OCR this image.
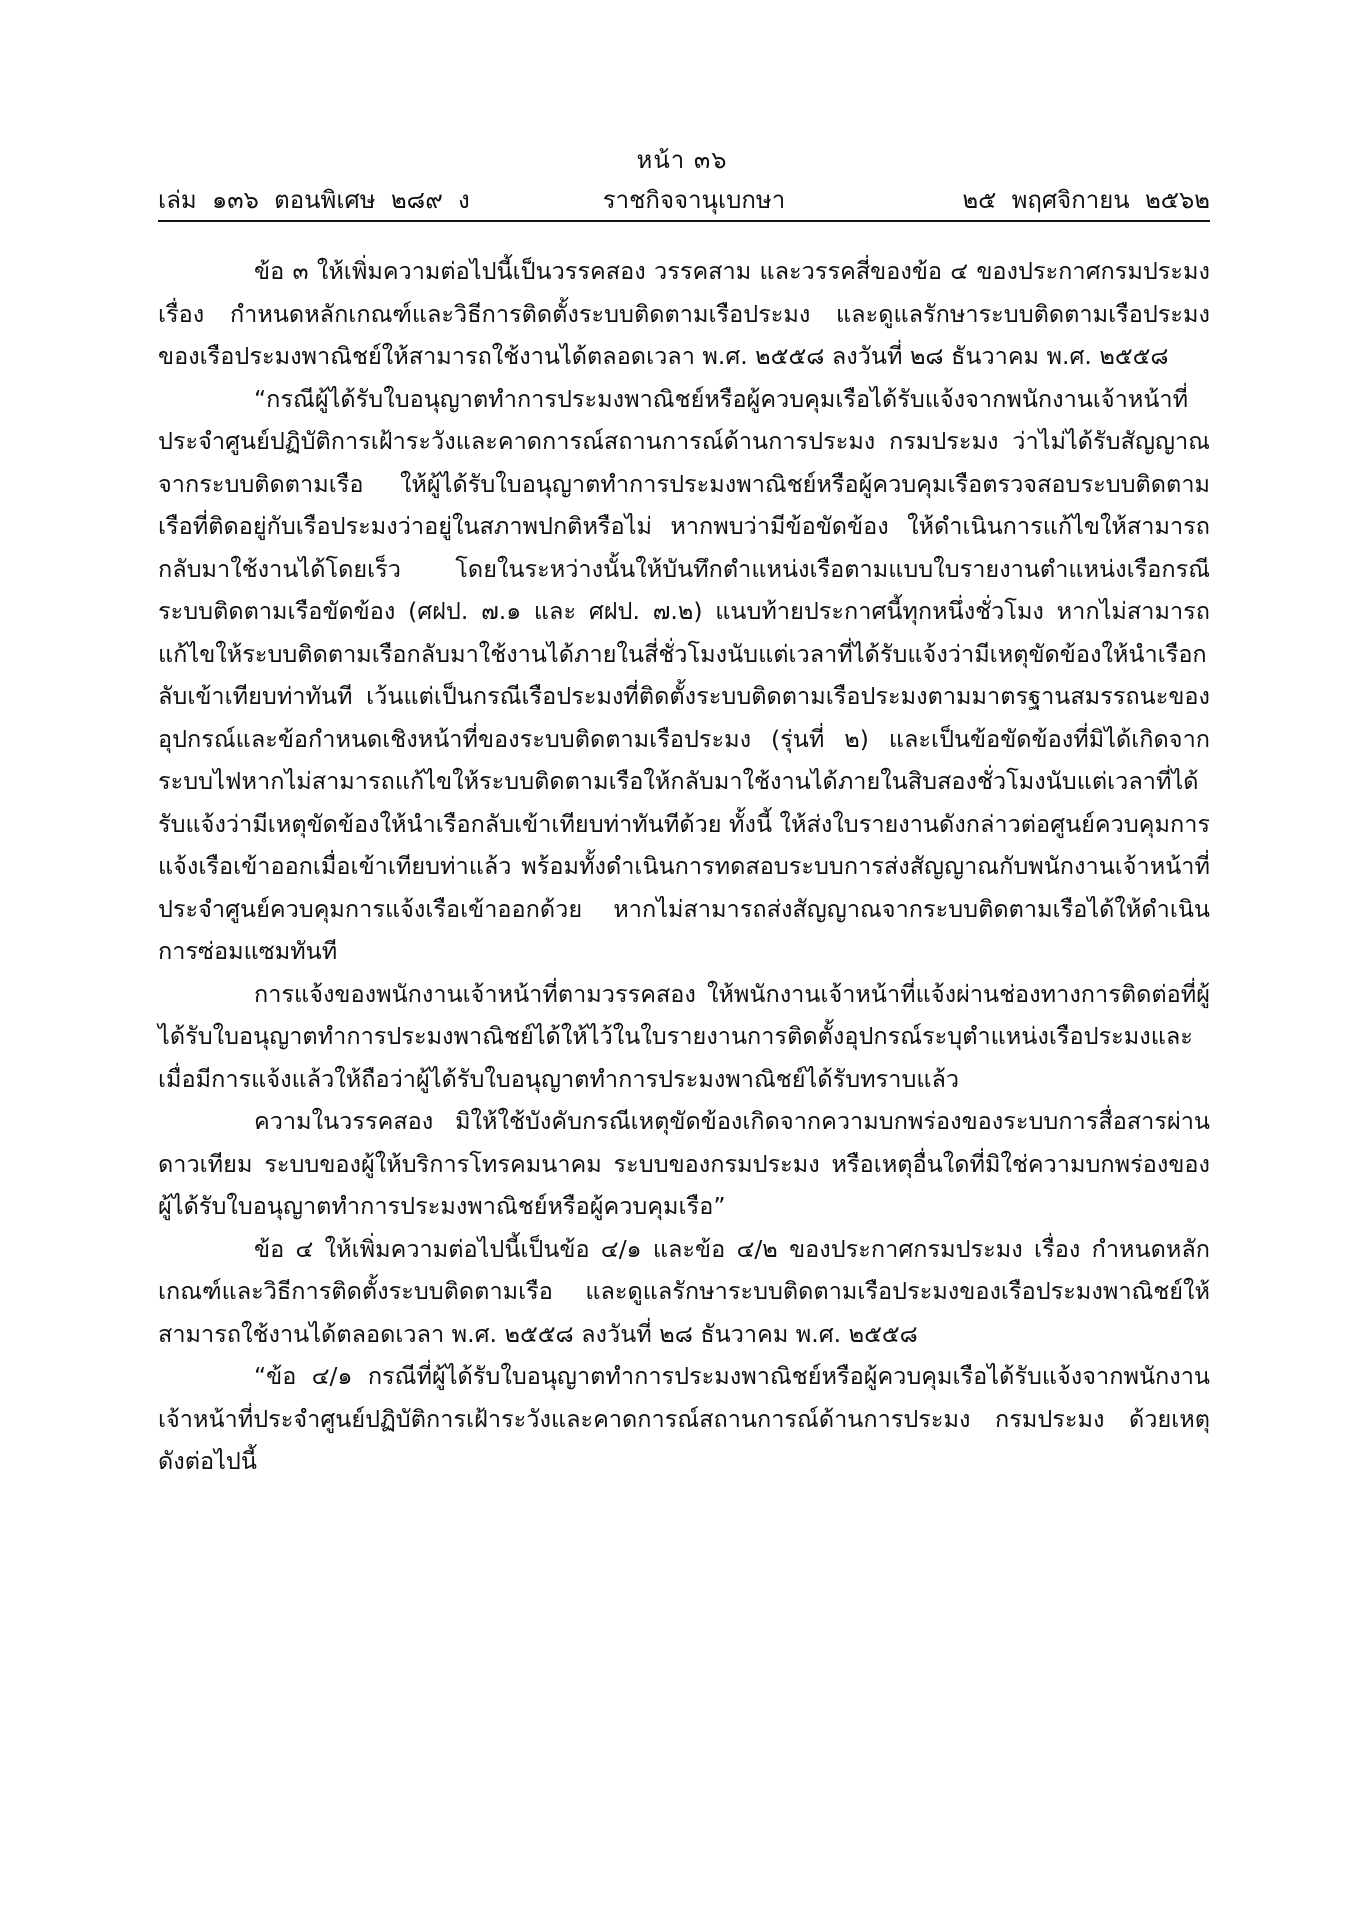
หน้า ๓๖
เล่ม  ๑๓๖  ตอนพิเศษ  ๒๘๙  ง	ราชกิจจานุเบกษา	๒๕  พฤศจิกายน  ๒๕๖๒

ข้อ ๓ ให้เพิ่มความต่อไปนี้เป็นวรรคสอง วรรคสาม และวรรคสี่ของข้อ ๔ ของประกาศกรมประมง เรื่อง กำหนดหลักเกณฑ์และวิธีการติดตั้งระบบติดตามเรือประมง และดูแลรักษาระบบติดตามเรือประมงของเรือประมงพาณิชย์ให้สามารถใช้งานได้ตลอดเวลา พ.ศ. ๒๕๕๘ ลงวันที่ ๒๘ ธันวาคม พ.ศ. ๒๕๕๘

“กรณีผู้ได้รับใบอนุญาตทำการประมงพาณิชย์หรือผู้ควบคุมเรือได้รับแจ้งจากพนักงานเจ้าหน้าที่ประจำศูนย์ปฏิบัติการเฝ้าระวังและคาดการณ์สถานการณ์ด้านการประมง กรมประมง ว่าไม่ได้รับสัญญาณจากระบบติดตามเรือ ให้ผู้ได้รับใบอนุญาตทำการประมงพาณิชย์หรือผู้ควบคุมเรือตรวจสอบระบบติดตามเรือที่ติดอยู่กับเรือประมงว่าอยู่ในสภาพปกติหรือไม่ หากพบว่ามีข้อขัดข้อง ให้ดำเนินการแก้ไขให้สามารถกลับมาใช้งานได้โดยเร็ว โดยในระหว่างนั้นให้บันทึกตำแหน่งเรือตามแบบใบรายงานตำแหน่งเรือกรณีระบบติดตามเรือขัดข้อง (ศฝป. ๗.๑ และ ศฝป. ๗.๒) แนบท้ายประกาศนี้ทุกหนึ่งชั่วโมง หากไม่สามารถแก้ไขให้ระบบติดตามเรือกลับมาใช้งานได้ภายในสี่ชั่วโมงนับแต่เวลาที่ได้รับแจ้งว่ามีเหตุขัดข้องให้นำเรือกลับเข้าเทียบท่าทันที เว้นแต่เป็นกรณีเรือประมงที่ติดตั้งระบบติดตามเรือประมงตามมาตรฐานสมรรถนะของอุปกรณ์และข้อกำหนดเชิงหน้าที่ของระบบติดตามเรือประมง (รุ่นที่ ๒) และเป็นข้อขัดข้องที่มิได้เกิดจากระบบไฟหากไม่สามารถแก้ไขให้ระบบติดตามเรือให้กลับมาใช้งานได้ภายในสิบสองชั่วโมงนับแต่เวลาที่ได้รับแจ้งว่ามีเหตุขัดข้องให้นำเรือกลับเข้าเทียบท่าทันทีด้วย ทั้งนี้ ให้ส่งใบรายงานดังกล่าวต่อศูนย์ควบคุมการแจ้งเรือเข้าออกเมื่อเข้าเทียบท่าแล้ว พร้อมทั้งดำเนินการทดสอบระบบการส่งสัญญาณกับพนักงานเจ้าหน้าที่ประจำศูนย์ควบคุมการแจ้งเรือเข้าออกด้วย หากไม่สามารถส่งสัญญาณจากระบบติดตามเรือได้ให้ดำเนินการซ่อมแซมทันที

การแจ้งของพนักงานเจ้าหน้าที่ตามวรรคสอง ให้พนักงานเจ้าหน้าที่แจ้งผ่านช่องทางการติดต่อที่ผู้ได้รับใบอนุญาตทำการประมงพาณิชย์ได้ให้ไว้ในใบรายงานการติดตั้งอุปกรณ์ระบุตำแหน่งเรือประมงและเมื่อมีการแจ้งแล้วให้ถือว่าผู้ได้รับใบอนุญาตทำการประมงพาณิชย์ได้รับทราบแล้ว

ความในวรรคสอง มิให้ใช้บังคับกรณีเหตุขัดข้องเกิดจากความบกพร่องของระบบการสื่อสารผ่านดาวเทียม ระบบของผู้ให้บริการโทรคมนาคม ระบบของกรมประมง หรือเหตุอื่นใดที่มิใช่ความบกพร่องของผู้ได้รับใบอนุญาตทำการประมงพาณิชย์หรือผู้ควบคุมเรือ”

ข้อ ๔ ให้เพิ่มความต่อไปนี้เป็นข้อ ๔/๑ และข้อ ๔/๒ ของประกาศกรมประมง เรื่อง กำหนดหลักเกณฑ์และวิธีการติดตั้งระบบติดตามเรือ และดูแลรักษาระบบติดตามเรือประมงของเรือประมงพาณิชย์ให้สามารถใช้งานได้ตลอดเวลา พ.ศ. ๒๕๕๘ ลงวันที่ ๒๘ ธันวาคม พ.ศ. ๒๕๕๘

“ข้อ ๔/๑ กรณีที่ผู้ได้รับใบอนุญาตทำการประมงพาณิชย์หรือผู้ควบคุมเรือได้รับแจ้งจากพนักงานเจ้าหน้าที่ประจำศูนย์ปฏิบัติการเฝ้าระวังและคาดการณ์สถานการณ์ด้านการประมง กรมประมง ด้วยเหตุ ดังต่อไปนี้
